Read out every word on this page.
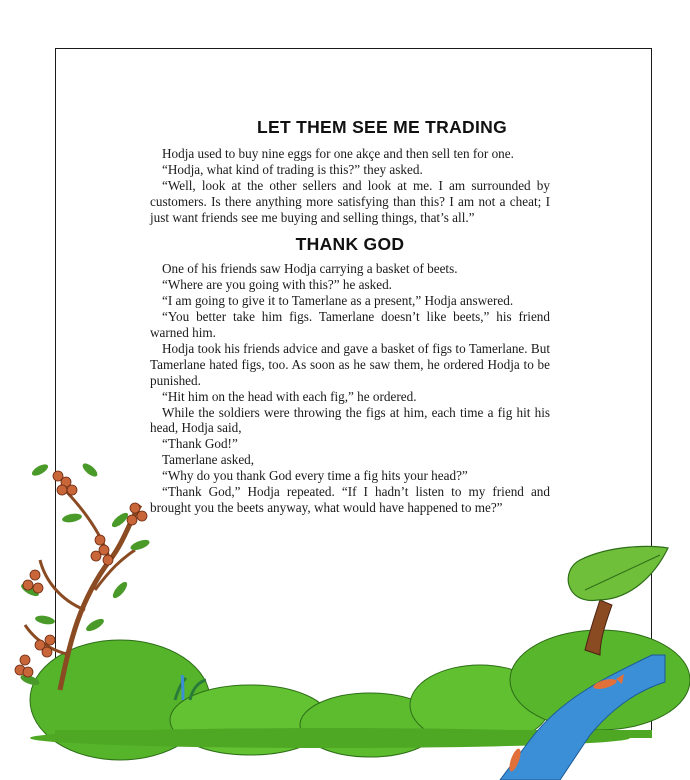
LET THEM SEE ME TRADING

Hodja used to buy nine eggs for one akçe and then sell ten for one.

“Hodja, what kind of trading is this?” they asked.

“Well, look at the other sellers and look at me. I am surrounded by customers. Is there anything more satisfying than this? I am not a cheat; I just want friends see me buying and selling things, that’s all.”

THANK GOD

One of his friends saw Hodja carrying a basket of beets.

“Where are you going with this?” he asked.

“I am going to give it to Tamerlane as a present,” Hodja answered.

“You better take him figs. Tamerlane doesn’t like beets,” his friend warned him.

Hodja took his friends advice and gave a basket of figs to Tamerlane. But Tamerlane hated figs, too. As soon as he saw them, he ordered Hodja to be punished.

“Hit him on the head with each fig,” he ordered.

While the soldiers were throwing the figs at him, each time a fig hit his head, Hodja said,

“Thank God!”

Tamerlane asked,

“Why do you thank God every time a fig hits your head?”

“Thank God,” Hodja repeated. “If I hadn’t listen to my friend and brought you the beets anyway, what would have happened to me?”
